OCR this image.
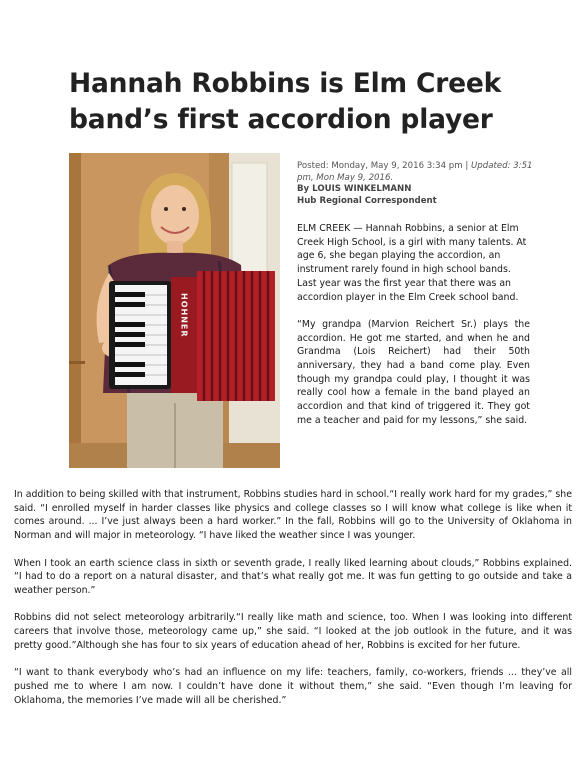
Hannah Robbins is Elm Creek band’s first accordion player
HOHNER
Posted: Monday, May 9, 2016 3:34 pm | Updated: 3:51 pm, Mon May 9, 2016.
By LOUIS WINKELMANN
Hub Regional Correspondent

ELM CREEK — Hannah Robbins, a senior at Elm Creek High School, is a girl with many talents. At age 6, she began playing the accordion, an instrument rarely found in high school bands. Last year was the first year that there was an accordion player in the Elm Creek school band.

“My grandpa (Marvion Reichert Sr.) plays the accordion. He got me started, and when he and Grandma (Lois Reichert) had their 50th anniversary, they had a band come play. Even though my grandpa could play, I thought it was really cool how a female in the band played an accordion and that kind of triggered it. They got me a teacher and paid for my lessons,” she said.

In addition to being skilled with that instrument, Robbins studies hard in school.“I really work hard for my grades,” she said. “I enrolled myself in harder classes like physics and college classes so I will know what college is like when it comes around. ... I’ve just always been a hard worker.” In the fall, Robbins will go to the University of Oklahoma in Norman and will major in meteorology. “I have liked the weather since I was younger.

When I took an earth science class in sixth or seventh grade, I really liked learning about clouds,” Robbins explained. “I had to do a report on a natural disaster, and that’s what really got me. It was fun getting to go outside and take a weather person.”

Robbins did not select meteorology arbitrarily.“I really like math and science, too. When I was looking into different careers that involve those, meteorology came up,” she said. “I looked at the job outlook in the future, and it was pretty good.”Although she has four to six years of education ahead of her, Robbins is excited for her future.

“I want to thank everybody who’s had an influence on my life: teachers, family, co-workers, friends ... they’ve all pushed me to where I am now. I couldn’t have done it without them,” she said. “Even though I’m leaving for Oklahoma, the memories I’ve made will all be cherished.”
